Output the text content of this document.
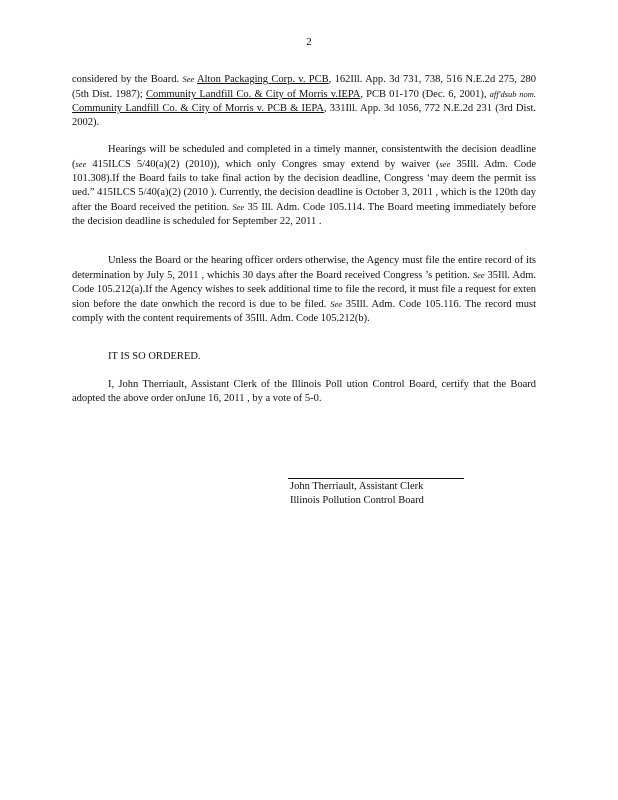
2

considered by the Board. See Alton Packaging Corp. v. PCB, 162Ill. App. 3d 731, 738, 516 N.E.2d 275, 280 (5th Dist. 1987); Community Landfill Co. & City of Morris v.IEPA, PCB 01-170 (Dec. 6, 2001), aff'dsub nom. Community Landfill Co. & City of Morris v. PCB & IEPA, 331Ill. App. 3d 1056, 772 N.E.2d 231 (3rd Dist. 2002).

Hearings will be scheduled and completed in a timely manner, consistentwith the decision deadline (see 415ILCS 5/40(a)(2) (2010)), which only Congres smay extend by waiver (see 35Ill. Adm. Code 101.308).If the Board fails to take final action by the decision deadline, Congress ‘may deem the permit iss ued.” 415ILCS 5/40(a)(2) (2010 ). Currently, the decision deadline is October 3, 2011 , which is the 120th day after the Board received the petition. See 35 Ill. Adm. Code 105.114. The Board meeting immediately before the decision deadline is scheduled for September 22, 2011 .

Unless the Board or the hearing officer orders otherwise, the Agency must file the entire record of its determination by July 5, 2011 , whichis 30 days after the Board received Congress ’s petition. See 35Ill. Adm. Code 105.212(a).If the Agency wishes to seek additional time to file the record, it must file a request for exten sion before the date onwhich the record is due to be filed. See 35Ill. Adm. Code 105.116. The record must comply with the content requirements of 35Ill. Adm. Code 105.212(b).

IT IS SO ORDERED.

I, John Therriault, Assistant Clerk of the Illinois Poll ution Control Board, certify that the Board adopted the above order onJune 16, 2011 , by a vote of 5-0.

John Therriault, Assistant Clerk
Illinois Pollution Control Board
